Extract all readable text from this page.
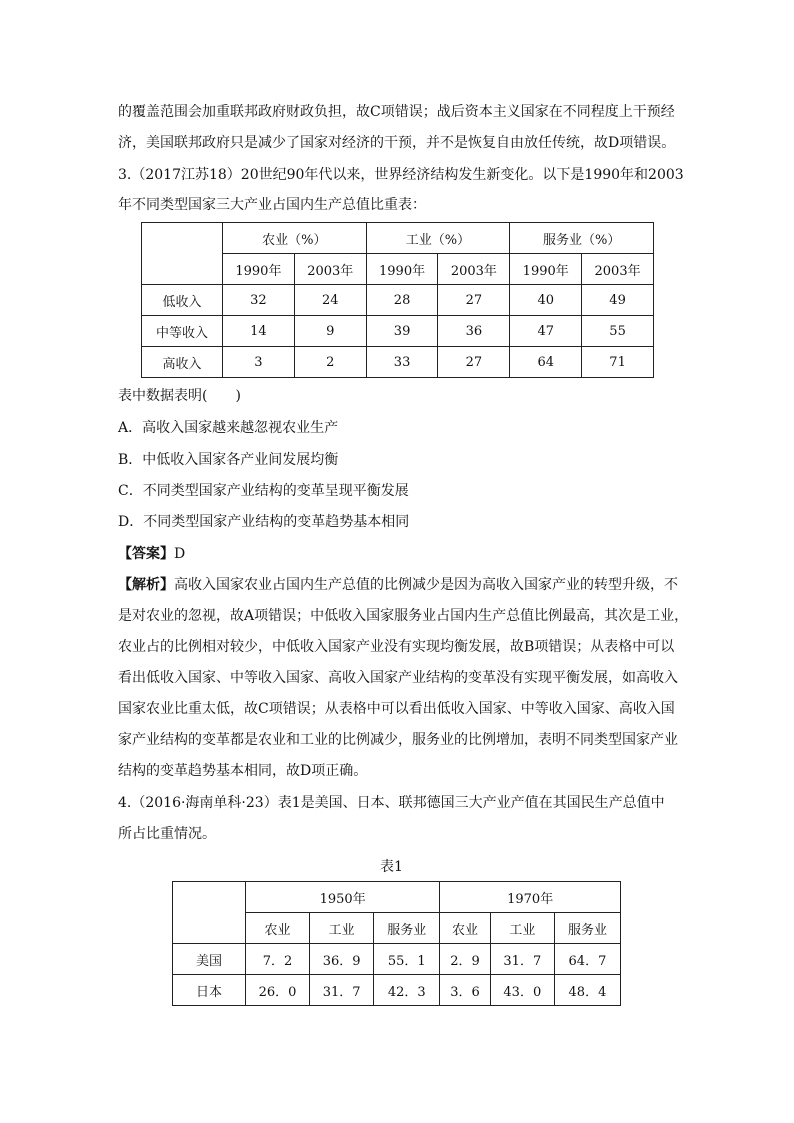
的覆盖范围会加重联邦政府财政负担，故C项错误；战后资本主义国家在不同程度上干预经
济，美国联邦政府只是减少了国家对经济的干预，并不是恢复自由放任传统，故D项错误。
3.（2017江苏18）20世纪90年代以来，世界经济结构发生新变化。以下是1990年和2003
年不同类型国家三大产业占国内生产总值比重表：
	农业（%）		工业（%）		服务业（%）	
	1990年	2003年	1990年	2003年	1990年	2003年
低收入	32	24	28	27	40	49
中等收入	14	9	39	36	47	55
高收入	3	2	33	27	64	71
表中数据表明(　　)
A．高收入国家越来越忽视农业生产
B．中低收入国家各产业间发展均衡
C．不同类型国家产业结构的变革呈现平衡发展
D．不同类型国家产业结构的变革趋势基本相同
【答案】D
【解析】高收入国家农业占国内生产总值的比例减少是因为高收入国家产业的转型升级，不
是对农业的忽视，故A项错误；中低收入国家服务业占国内生产总值比例最高，其次是工业，
农业占的比例相对较少，中低收入国家产业没有实现均衡发展，故B项错误；从表格中可以
看出低收入国家、中等收入国家、高收入国家产业结构的变革没有实现平衡发展，如高收入
国家农业比重太低，故C项错误；从表格中可以看出低收入国家、中等收入国家、高收入国
家产业结构的变革都是农业和工业的比例减少，服务业的比例增加，表明不同类型国家产业
结构的变革趋势基本相同，故D项正确。
4.（2016·海南单科·23）表1是美国、日本、联邦德国三大产业产值在其国民生产总值中
所占比重情况。
表1
	1950年			1970年		
	农业	工业	服务业	农业	工业	服务业
美国	7．2	36．9	55．1	2．9	31．7	64．7
日本	26．0	31．7	42．3	3．6	43．0	48．4
